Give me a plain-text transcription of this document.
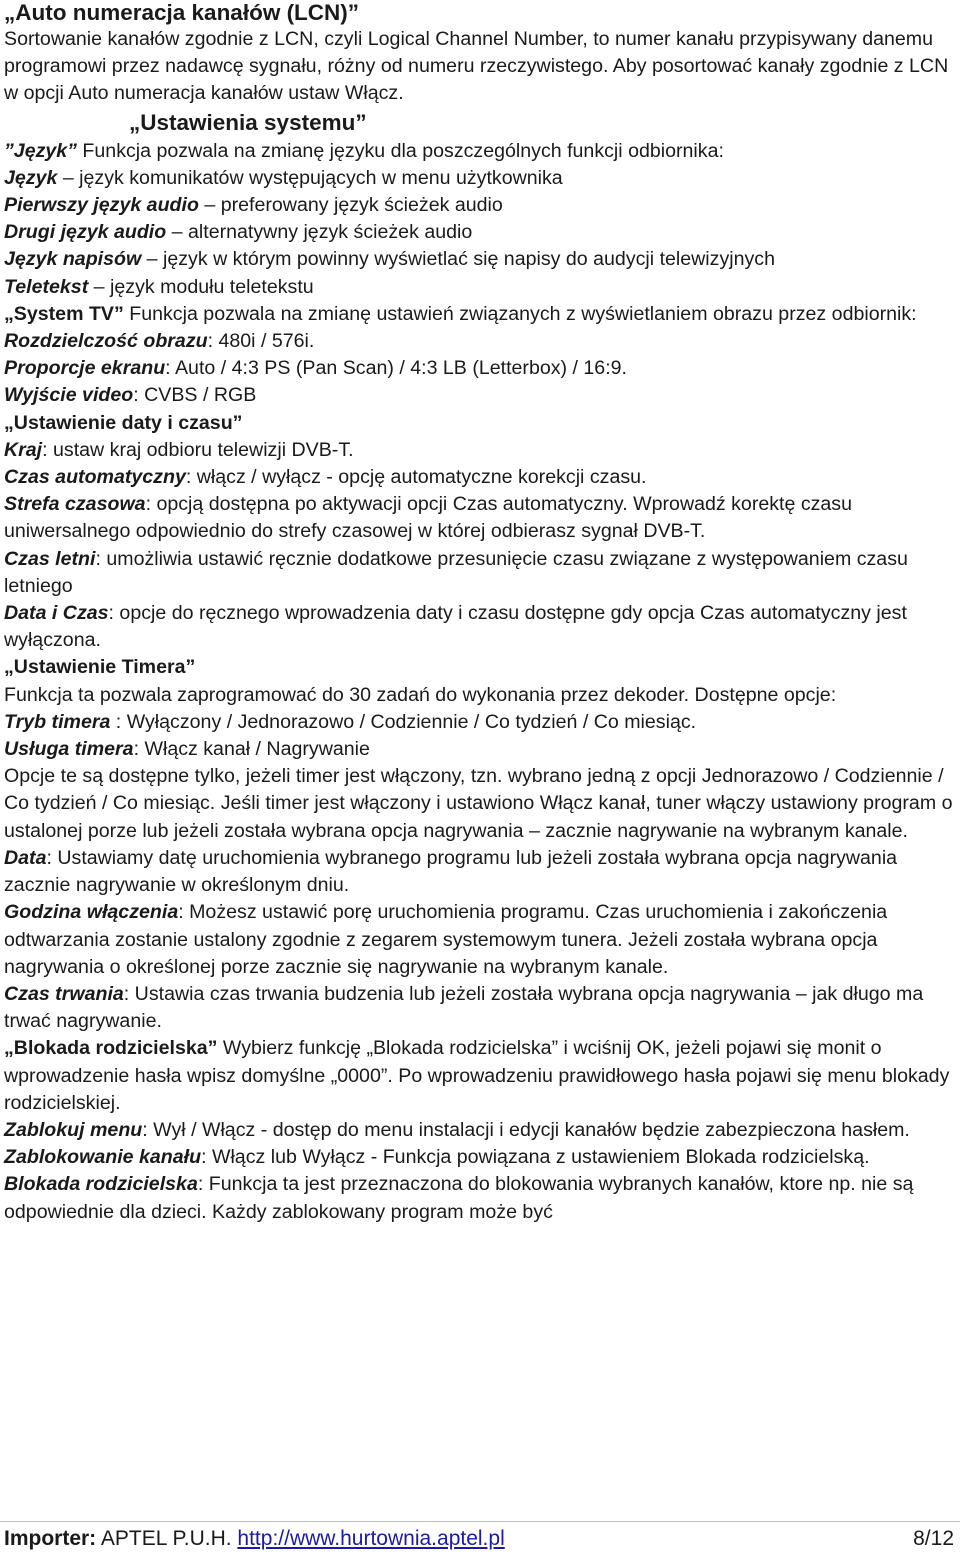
„Auto numeracja kanałów (LCN)”

Sortowanie kanałów zgodnie z LCN, czyli Logical Channel Number, to numer kanału przypisywany danemu programowi przez nadawcę sygnału, różny od numeru rzeczywistego. Aby posortować kanały zgodnie z LCN w opcji Auto numeracja kanałów ustaw Włącz.

„Ustawienia systemu”

”Język” Funkcja pozwala na zmianę języku dla poszczególnych funkcji odbiornika:

Język – język komunikatów występujących w menu użytkownika

Pierwszy język audio – preferowany język ścieżek audio

Drugi język audio – alternatywny język ścieżek audio

Język napisów – język w którym powinny wyświetlać się napisy do audycji telewizyjnych

Teletekst – język modułu teletekstu

„System TV” Funkcja pozwala na zmianę ustawień związanych z wyświetlaniem obrazu przez odbiornik:

Rozdzielczość obrazu: 480i / 576i.

Proporcje ekranu: Auto / 4:3 PS (Pan Scan) / 4:3 LB (Letterbox) / 16:9.

Wyjście video: CVBS / RGB

„Ustawienie daty i czasu”

Kraj: ustaw kraj odbioru telewizji DVB-T.

Czas automatyczny: włącz / wyłącz - opcję automatyczne korekcji czasu.

Strefa czasowa: opcją dostępna po aktywacji opcji Czas automatyczny. Wprowadź korektę czasu uniwersalnego odpowiednio do strefy czasowej w której odbierasz sygnał DVB-T.

Czas letni: umożliwia ustawić ręcznie dodatkowe przesunięcie czasu związane z występowaniem czasu letniego

Data i Czas: opcje do ręcznego wprowadzenia daty i czasu dostępne gdy opcja Czas automatyczny jest wyłączona.

„Ustawienie Timera”

Funkcja ta pozwala zaprogramować do 30 zadań do wykonania przez dekoder. Dostępne opcje:

Tryb timera : Wyłączony / Jednorazowo / Codziennie / Co tydzień / Co miesiąc.

Usługa timera: Włącz kanał / Nagrywanie

Opcje te są dostępne tylko, jeżeli timer jest włączony, tzn. wybrano jedną z opcji Jednorazowo / Codziennie / Co tydzień / Co miesiąc. Jeśli timer jest włączony i ustawiono Włącz kanał, tuner włączy ustawiony program o ustalonej porze lub jeżeli została wybrana opcja nagrywania – zacznie nagrywanie na wybranym kanale.

Data: Ustawiamy datę uruchomienia wybranego programu lub jeżeli została wybrana opcja nagrywania zacznie nagrywanie w określonym dniu.

Godzina włączenia: Możesz ustawić porę uruchomienia programu. Czas uruchomienia i zakończenia odtwarzania zostanie ustalony zgodnie z zegarem systemowym tunera. Jeżeli została wybrana opcja nagrywania o określonej porze zacznie się nagrywanie na wybranym kanale.

Czas trwania: Ustawia czas trwania budzenia lub jeżeli została wybrana opcja nagrywania – jak długo ma trwać nagrywanie.

„Blokada rodzicielska” Wybierz funkcję „Blokada rodzicielska” i wciśnij OK, jeżeli pojawi się monit o wprowadzenie hasła wpisz domyślne „0000”. Po wprowadzeniu prawidłowego hasła pojawi się menu blokady rodzicielskiej.

Zablokuj menu: Wył / Włącz - dostęp do menu instalacji i edycji kanałów będzie zabezpieczona hasłem.

Zablokowanie kanału: Włącz lub Wyłącz - Funkcja powiązana z ustawieniem Blokada rodzicielską.

Blokada rodzicielska: Funkcja ta jest przeznaczona do blokowania wybranych kanałów, ktore np. nie są odpowiednie dla dzieci. Każdy zablokowany program może być

Importer: APTEL P.U.H. http://www.hurtownia.aptel.pl	8/12
